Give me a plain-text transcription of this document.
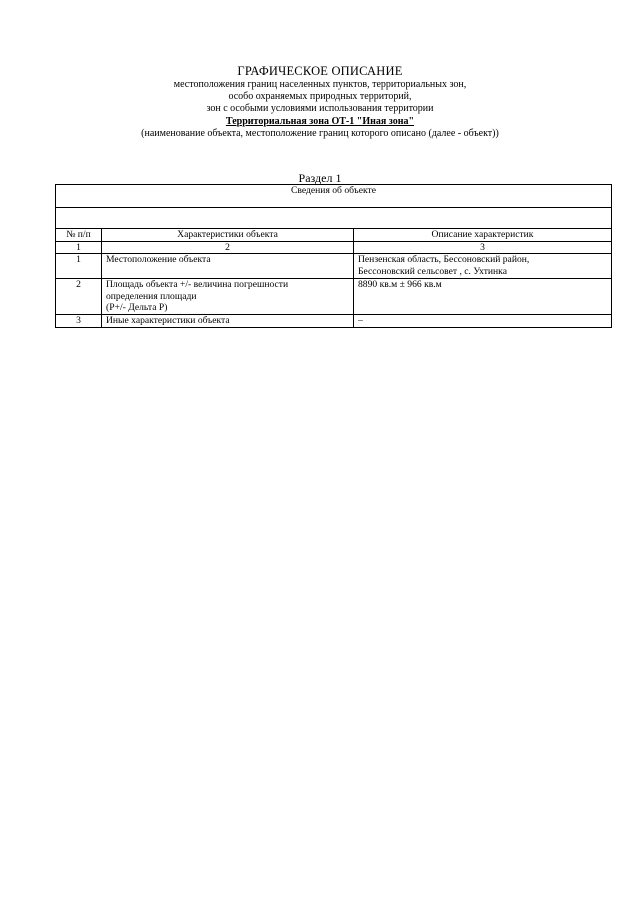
ГРАФИЧЕСКОЕ ОПИСАНИЕ
местоположения границ населенных пунктов, территориальных зон,
особо охраняемых природных территорий,
зон с особыми условиями использования территории
Территориальная зона ОТ-1 "Иная зона"
(наименование объекта, местоположение границ которого описано (далее - объект))
Раздел 1
Сведения об объекте		

№ п/п	Характеристики объекта	Описание характеристик
1	2	3
1	Местоположение объекта	Пензенская область, Бессоновский район,
Бессоновский сельсовет , с. Ухтинка

2	Площадь объекта +/- величина погрешности
определения площади
(P+/- Дельта P)	8890 кв.м ± 966 кв.м

3	Иные характеристики объекта	–
